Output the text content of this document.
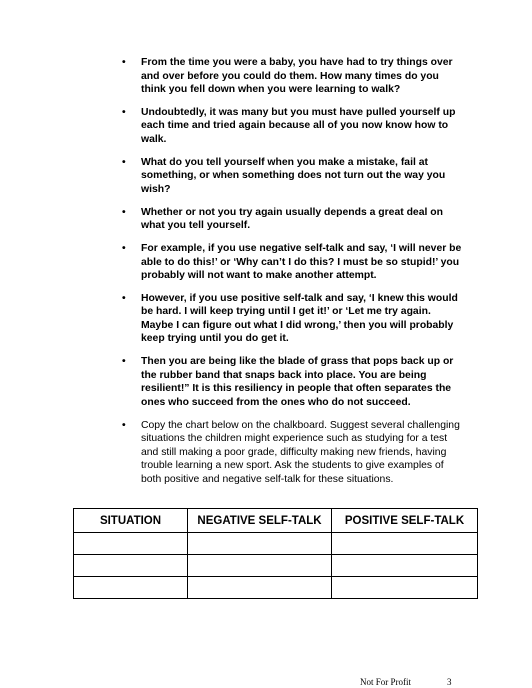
• From the time you were a baby, you have had to try things over and over before you could do them. How many times do you think you fell down when you were learning to walk?
• Undoubtedly, it was many but you must have pulled yourself up each time and tried again because all of you now know how to walk.
• What do you tell yourself when you make a mistake, fail at something, or when something does not turn out the way you wish?
• Whether or not you try again usually depends a great deal on what you tell yourself.
• For example, if you use negative self-talk and say, ‘I will never be able to do this!’ or ‘Why can’t I do this? I must be so stupid!’ you probably will not want to make another attempt.
• However, if you use positive self-talk and say, ‘I knew this would be hard. I will keep trying until I get it!’ or ‘Let me try again. Maybe I can figure out what I did wrong,’ then you will probably keep trying until you do get it.
• Then you are being like the blade of grass that pops back up or the rubber band that snaps back into place. You are being resilient!” It is this resiliency in people that often separates the ones who succeed from the ones who do not succeed.
• Copy the chart below on the chalkboard. Suggest several challenging situations the children might experience such as studying for a test and still making a poor grade, difficulty making new friends, having trouble learning a new sport. Ask the students to give examples of both positive and negative self-talk for these situations.
SITUATION	NEGATIVE SELF-TALK	POSITIVE SELF-TALK

Not For Profit	3
